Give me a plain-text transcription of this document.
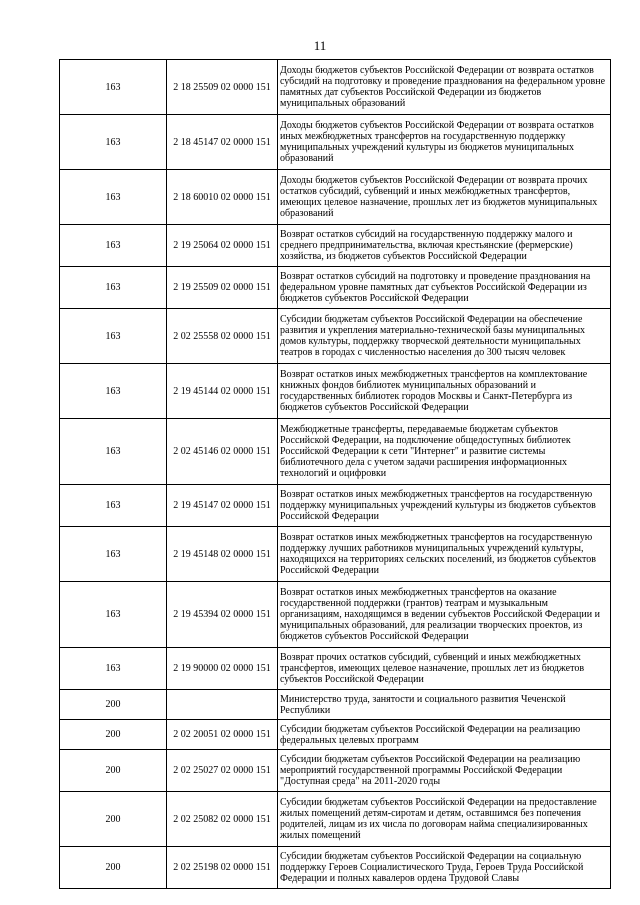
11
163	2 18 25509 02 0000 151	Доходы бюджетов субъектов Российской Федерации от возврата остатков субсидий на подготовку и проведение празднования на федеральном уровне памятных дат субъектов Российской Федерации из бюджетов муниципальных образований
163	2 18 45147 02 0000 151	Доходы бюджетов субъектов Российской Федерации от возврата остатков иных межбюджетных трансфертов на государственную поддержку муниципальных учреждений культуры из бюджетов муниципальных образований
163	2 18 60010 02 0000 151	Доходы бюджетов субъектов Российской Федерации от возврата прочих остатков субсидий, субвенций и иных межбюджетных трансфертов, имеющих целевое назначение, прошлых лет из бюджетов муниципальных образований
163	2 19 25064 02 0000 151	Возврат остатков субсидий на государственную поддержку малого и среднего предпринимательства, включая крестьянские (фермерские) хозяйства, из бюджетов субъектов Российской Федерации
163	2 19 25509 02 0000 151	Возврат остатков субсидий на подготовку и проведение празднования на федеральном уровне памятных дат субъектов Российской Федерации из бюджетов субъектов Российской Федерации
163	2 02 25558 02 0000 151	Субсидии бюджетам субъектов Российской Федерации на обеспечение развития и укрепления материально-технической базы муниципальных домов культуры, поддержку творческой деятельности муниципальных театров в городах с численностью населения до 300 тысяч человек
163	2 19 45144 02 0000 151	Возврат остатков иных межбюджетных трансфертов на комплектование книжных фондов библиотек муниципальных образований и государственных библиотек городов Москвы и Санкт-Петербурга из бюджетов субъектов Российской Федерации
163	2 02 45146 02 0000 151	Межбюджетные трансферты, передаваемые бюджетам субъектов Российской Федерации, на подключение общедоступных библиотек Российской Федерации к сети "Интернет" и развитие системы библиотечного дела с учетом задачи расширения информационных технологий и оцифровки
163	2 19 45147 02 0000 151	Возврат остатков иных межбюджетных трансфертов на государственную поддержку муниципальных учреждений культуры из бюджетов субъектов Российской Федерации
163	2 19 45148 02 0000 151	Возврат остатков иных межбюджетных трансфертов на государственную поддержку лучших работников муниципальных учреждений культуры, находящихся на территориях сельских поселений, из бюджетов субъектов Российской Федерации
163	2 19 45394 02 0000 151	Возврат остатков иных межбюджетных трансфертов на оказание государственной поддержки (грантов) театрам и музыкальным организациям, находящимся в ведении субъектов Российской Федерации и муниципальных образований, для реализации творческих проектов, из бюджетов субъектов Российской Федерации
163	2 19 90000 02 0000 151	Возврат прочих остатков субсидий, субвенций и иных межбюджетных трансфертов, имеющих целевое назначение, прошлых лет из бюджетов субъектов Российской Федерации
200		Министерство труда, занятости и социального развития Чеченской Республики
200	2 02 20051 02 0000 151	Субсидии бюджетам субъектов Российской Федерации на реализацию федеральных целевых программ
200	2 02 25027 02 0000 151	Субсидии бюджетам субъектов Российской Федерации на реализацию мероприятий государственной программы Российской Федерации "Доступная среда" на 2011-2020 годы
200	2 02 25082 02 0000 151	Субсидии бюджетам субъектов Российской Федерации на предоставление жилых помещений детям-сиротам и детям, оставшимся без попечения родителей, лицам из их числа по договорам найма специализированных жилых помещений
200	2 02 25198 02 0000 151	Субсидии бюджетам субъектов Российской Федерации на социальную поддержку Героев Социалистического Труда, Героев Труда Российской Федерации и полных кавалеров ордена Трудовой Славы
